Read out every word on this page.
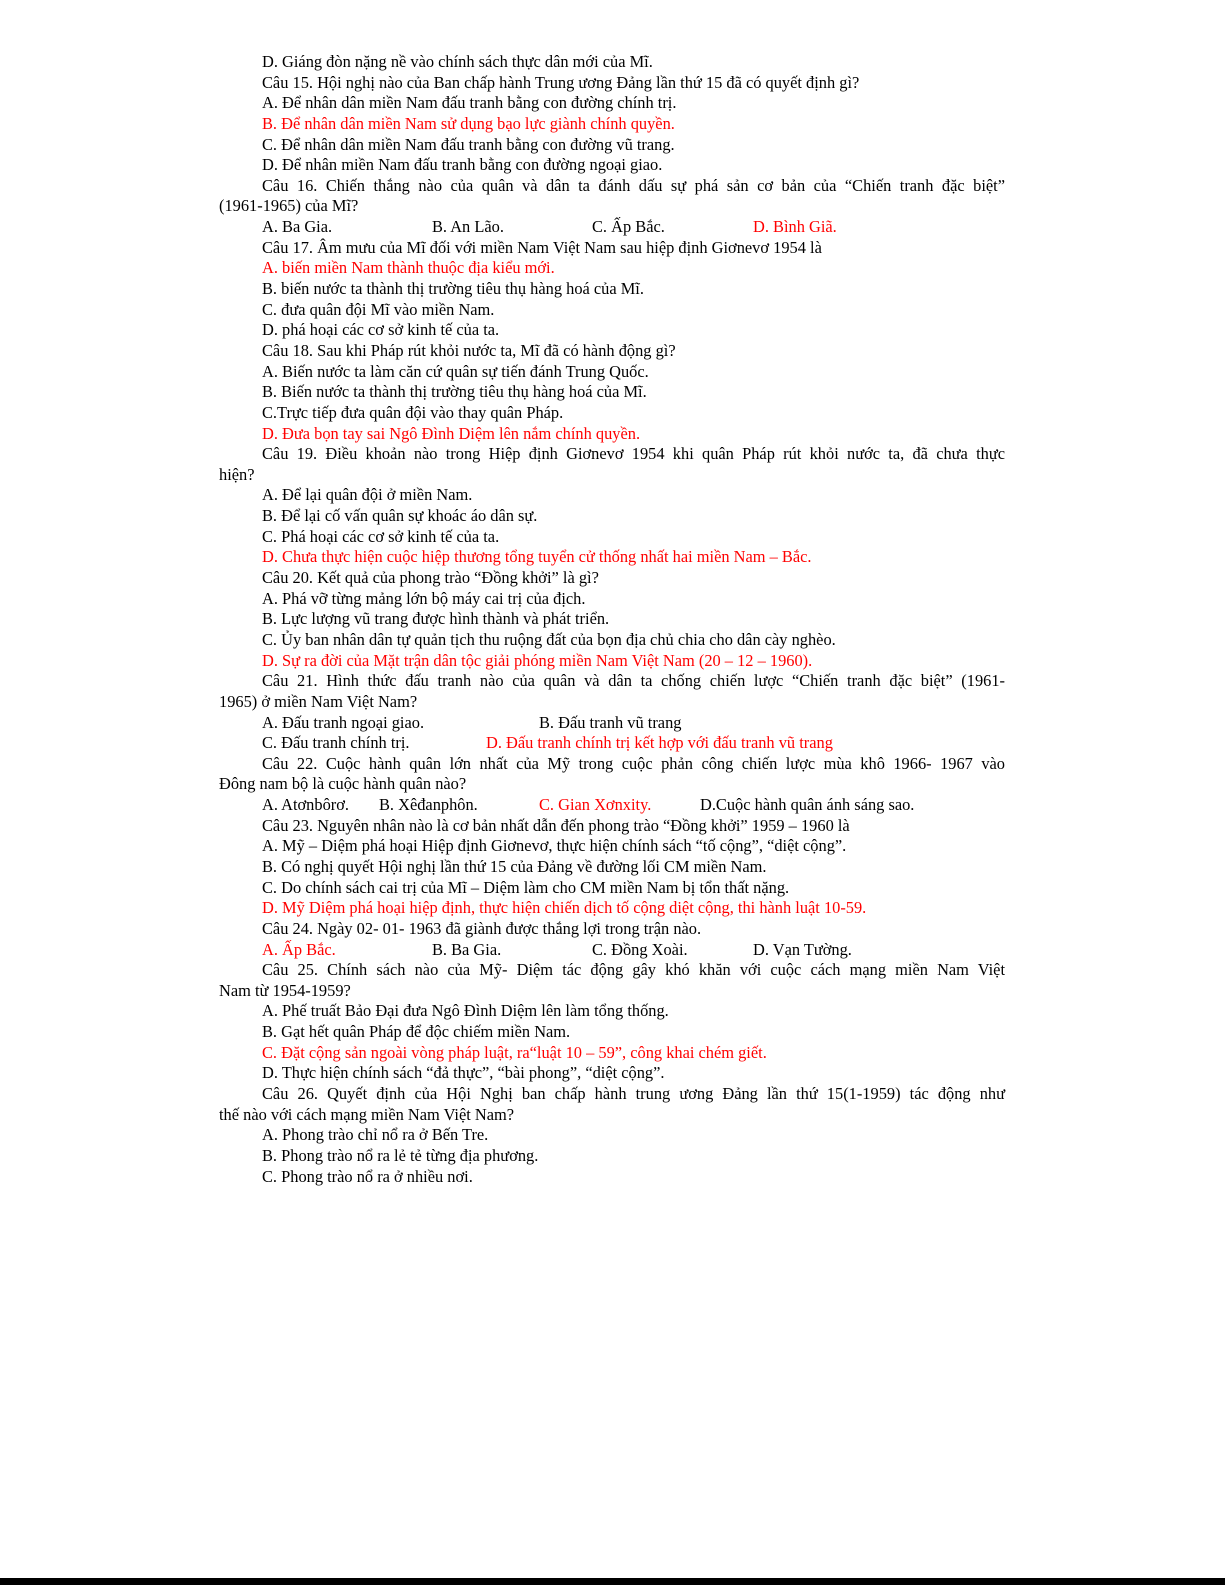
D. Giáng đòn nặng nề vào chính sách thực dân mới của Mĩ.
Câu 15. Hội nghị nào của Ban chấp hành Trung ương Đảng lần thứ 15 đã có quyết định gì?
A. Để nhân dân miền Nam đấu tranh bằng con đường chính trị.
B. Để nhân dân miền Nam sử dụng bạo lực giành chính quyền.
C. Để nhân dân miền Nam đấu tranh bằng con đường vũ trang.
D. Để nhân miền Nam đấu tranh bằng con đường ngoại giao.
Câu 16. Chiến thắng nào của quân và dân ta đánh dấu sự phá sản cơ bản của “Chiến tranh đặc biệt”
(1961-1965) của Mĩ?
A. Ba Gia.	B. An Lão.	C. Ấp Bắc.	D. Bình Giã.
Câu 17. Âm mưu của Mĩ đối với miền Nam Việt Nam sau hiệp định Giơnevơ 1954 là
A. biến miền Nam thành thuộc địa kiểu mới.
B. biến nước ta thành thị trường tiêu thụ hàng hoá của Mĩ.
C. đưa quân đội Mĩ vào miền Nam.
D. phá hoại các cơ sở kinh tế của ta.
Câu 18. Sau khi Pháp rút khỏi nước ta, Mĩ đã có hành động gì?
A. Biến nước ta làm căn cứ quân sự tiến đánh Trung Quốc.
B. Biến nước ta thành thị trường tiêu thụ hàng hoá của Mĩ.
C.Trực tiếp đưa quân đội vào thay quân Pháp.
D. Đưa bọn tay sai Ngô Đình Diệm lên nắm chính quyền.
Câu 19. Điều khoản nào trong Hiệp định Giơnevơ 1954 khi quân Pháp rút khỏi nước ta, đã chưa thực
hiện?
A. Để lại quân đội ở miền Nam.
B. Để lại cố vấn quân sự khoác áo dân sự.
C. Phá hoại các cơ sở kinh tế của ta.
D. Chưa thực hiện cuộc hiệp thương tổng tuyển cử thống nhất hai miền Nam – Bắc.
Câu 20. Kết quả của phong trào “Đồng khởi” là gì?
A. Phá vỡ từng mảng lớn bộ máy cai trị của địch.
B. Lực lượng vũ trang được hình thành và phát triển.
C. Ủy ban nhân dân tự quản tịch thu ruộng đất của bọn địa chủ chia cho dân cày nghèo.
D. Sự ra đời của Mặt trận dân tộc giải phóng miền Nam Việt Nam (20 – 12 – 1960).
Câu 21. Hình thức đấu tranh nào của quân và dân ta chống chiến lược “Chiến tranh đặc biệt” (1961-
1965) ở miền Nam Việt Nam?
A. Đấu tranh ngoại giao.	B. Đấu tranh vũ trang
C. Đấu tranh chính trị.	D. Đấu tranh chính trị kết hợp với đấu tranh vũ trang
Câu 22. Cuộc hành quân lớn nhất của Mỹ trong cuộc phản công chiến lược mùa khô 1966- 1967 vào
Đông nam bộ là cuộc hành quân nào?
A. Atơnbôrơ. B. Xêđanphôn.	C. Gian Xơnxity.	D.Cuộc hành quân ánh sáng sao.
Câu 23. Nguyên nhân nào là cơ bản nhất dẫn đến phong trào “Đồng khởi” 1959 – 1960 là
A. Mỹ – Diệm phá hoại Hiệp định Giơnevơ, thực hiện chính sách “tố cộng”, “diệt cộng”.
B. Có nghị quyết Hội nghị lần thứ 15 của Đảng về đường lối CM miền Nam.
C. Do chính sách cai trị của Mĩ – Diệm làm cho CM miền Nam bị tổn thất nặng.
D. Mỹ Diệm phá hoại hiệp định, thực hiện chiến dịch tố cộng diệt cộng, thi hành luật 10-59.
Câu 24. Ngày 02- 01- 1963 đã giành được thắng lợi trong trận nào.
A. Ấp Bắc.	B. Ba Gia.	C. Đồng Xoài.	D. Vạn Tường.
Câu 25. Chính sách nào của Mỹ- Diệm tác động gây khó khăn với cuộc cách mạng miền Nam Việt
Nam từ 1954-1959?
A. Phế truất Bảo Đại đưa Ngô Đình Diệm lên làm tổng thống.
B. Gạt hết quân Pháp để độc chiếm miền Nam.
C. Đặt cộng sản ngoài vòng pháp luật, ra“luật 10 – 59”, công khai chém giết.
D. Thực hiện chính sách “đả thực”, “bài phong”, “diệt cộng”.
Câu 26. Quyết định của Hội Nghị ban chấp hành trung ương Đảng lần thứ 15(1-1959) tác động như
thế nào với cách mạng miền Nam Việt Nam?
A. Phong trào chỉ nổ ra ở Bến Tre.
B. Phong trào nổ ra lẻ tẻ từng địa phương.
C. Phong trào nổ ra ở nhiều nơi.
